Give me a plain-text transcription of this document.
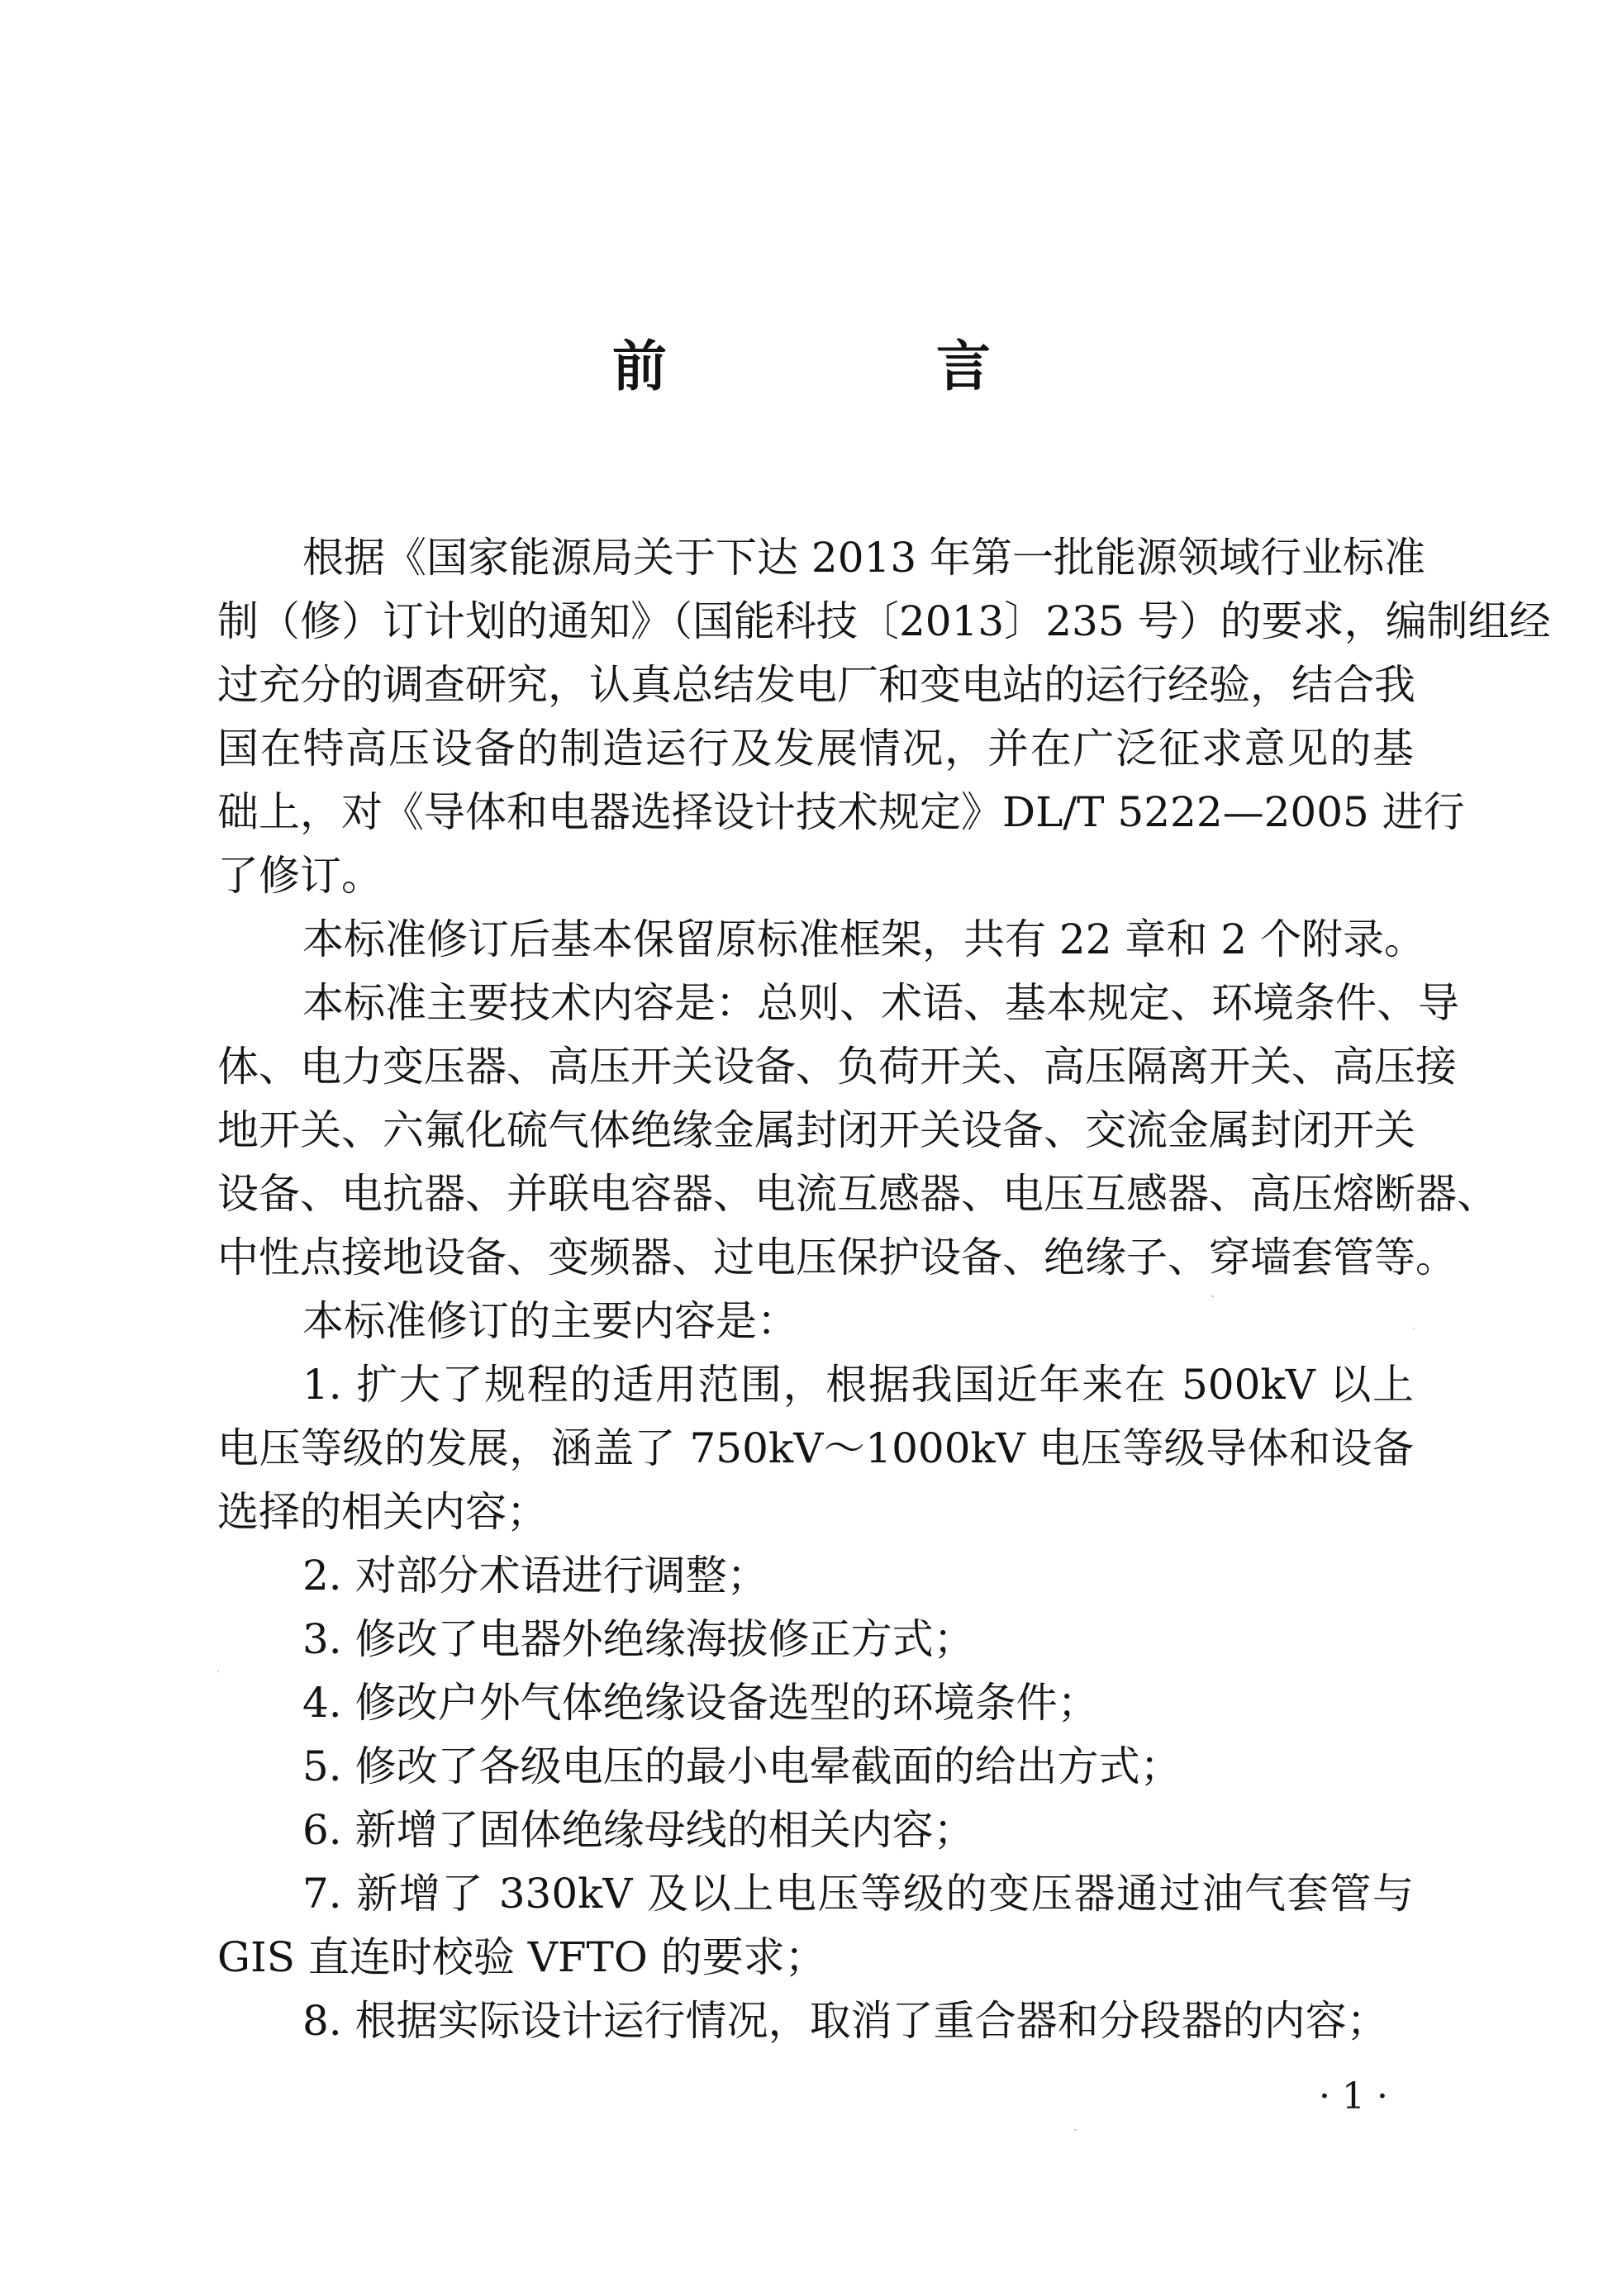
前　言
根据《国家能源局关于下达 2013 年第一批能源领域行业标准
制（修）订计划的通知》（国能科技〔2013〕235 号）的要求，编制组经
过充分的调查研究，认真总结发电厂和变电站的运行经验，结合我
国在特高压设备的制造运行及发展情况，并在广泛征求意见的基
础上，对《导体和电器选择设计技术规定》DL/T 5222—2005 进行
了修订。
本标准修订后基本保留原标准框架，共有 22 章和 2 个附录。
本标准主要技术内容是：总则、术语、基本规定、环境条件、导
体、电力变压器、高压开关设备、负荷开关、高压隔离开关、高压接
地开关、六氟化硫气体绝缘金属封闭开关设备、交流金属封闭开关
设备、电抗器、并联电容器、电流互感器、电压互感器、高压熔断器、
中性点接地设备、变频器、过电压保护设备、绝缘子、穿墙套管等。
本标准修订的主要内容是：
1. 扩大了规程的适用范围，根据我国近年来在 500kV 以上
电压等级的发展，涵盖了 750kV～1000kV 电压等级导体和设备
选择的相关内容；
2. 对部分术语进行调整；
3. 修改了电器外绝缘海拔修正方式；
4. 修改户外气体绝缘设备选型的环境条件；
5. 修改了各级电压的最小电晕截面的给出方式；
6. 新增了固体绝缘母线的相关内容；
7. 新增了 330kV 及以上电压等级的变压器通过油气套管与
GIS 直连时校验 VFTO 的要求；
8. 根据实际设计运行情况，取消了重合器和分段器的内容；
· 1 ·
